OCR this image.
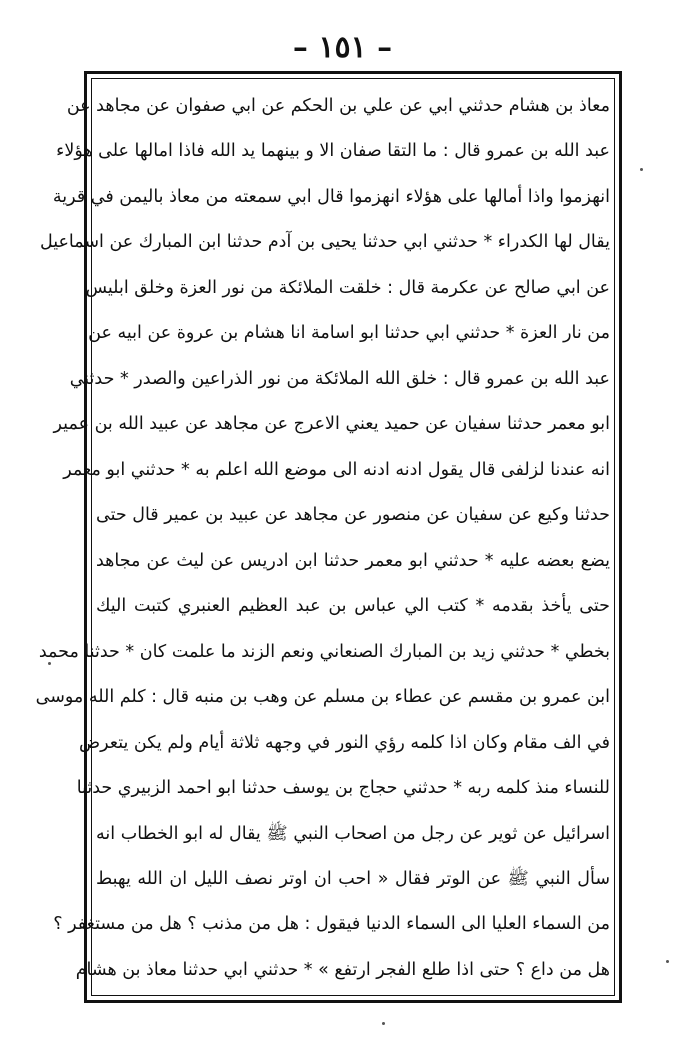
– ١٥١ –
معاذ بن هشام حدثني ابي عن علي بن الحكم عن ابي صفوان عن مجاهد عن
عبد الله بن عمرو قال : ما التقا صفان الا و بينهما يد الله فاذا امالها على هؤلاء
انهزموا واذا أمالها على هؤلاء انهزموا قال ابي سمعته من معاذ باليمن في قرية
يقال لها الكدراء * حدثني ابي حدثنا يحيى بن آدم حدثنا ابن المبارك عن اسماعيل
عن ابي صالح عن عكرمة قال : خلقت الملائكة من نور العزة وخلق ابليس
من نار العزة * حدثني ابي حدثنا ابو اسامة انا هشام بن عروة عن ابيه عن
عبد الله بن عمرو قال : خلق الله الملائكة من نور الذراعين والصدر * حدثني
ابو معمر حدثنا سفيان عن حميد يعني الاعرج عن مجاهد عن عبيد الله بن عمير
انه عندنا لزلفى قال يقول ادنه ادنه الى موضع الله اعلم به * حدثني ابو معمر
حدثنا وكيع عن سفيان عن منصور عن مجاهد عن عبيد بن عمير قال حتى
يضع بعضه عليه * حدثني ابو معمر حدثنا ابن ادريس عن ليث عن مجاهد
حتى يأخذ بقدمه * كتب الي عباس بن عبد العظيم العنبري كتبت اليك
بخطي * حدثني زيد بن المبارك الصنعاني ونعم الزند ما علمت كان * حدثنا محمد
ابن عمرو بن مقسم عن عطاء بن مسلم عن وهب بن منبه قال : كلم الله موسى
في الف مقام وكان اذا كلمه رؤي النور في وجهه ثلاثة أيام ولم يكن يتعرض
للنساء منذ كلمه ربه * حدثني حجاج بن يوسف حدثنا ابو احمد الزبيري حدثنا
اسرائيل عن ثوير عن رجل من اصحاب النبي ﷺ يقال له ابو الخطاب انه
سأل النبي ﷺ عن الوتر فقال « احب ان اوتر نصف الليل ان الله يهبط
من السماء العليا الى السماء الدنيا فيقول : هل من مذنب ؟ هل من مستغفر ؟
هل من داع ؟ حتى اذا طلع الفجر ارتفع » * حدثني ابي حدثنا معاذ بن هشام
